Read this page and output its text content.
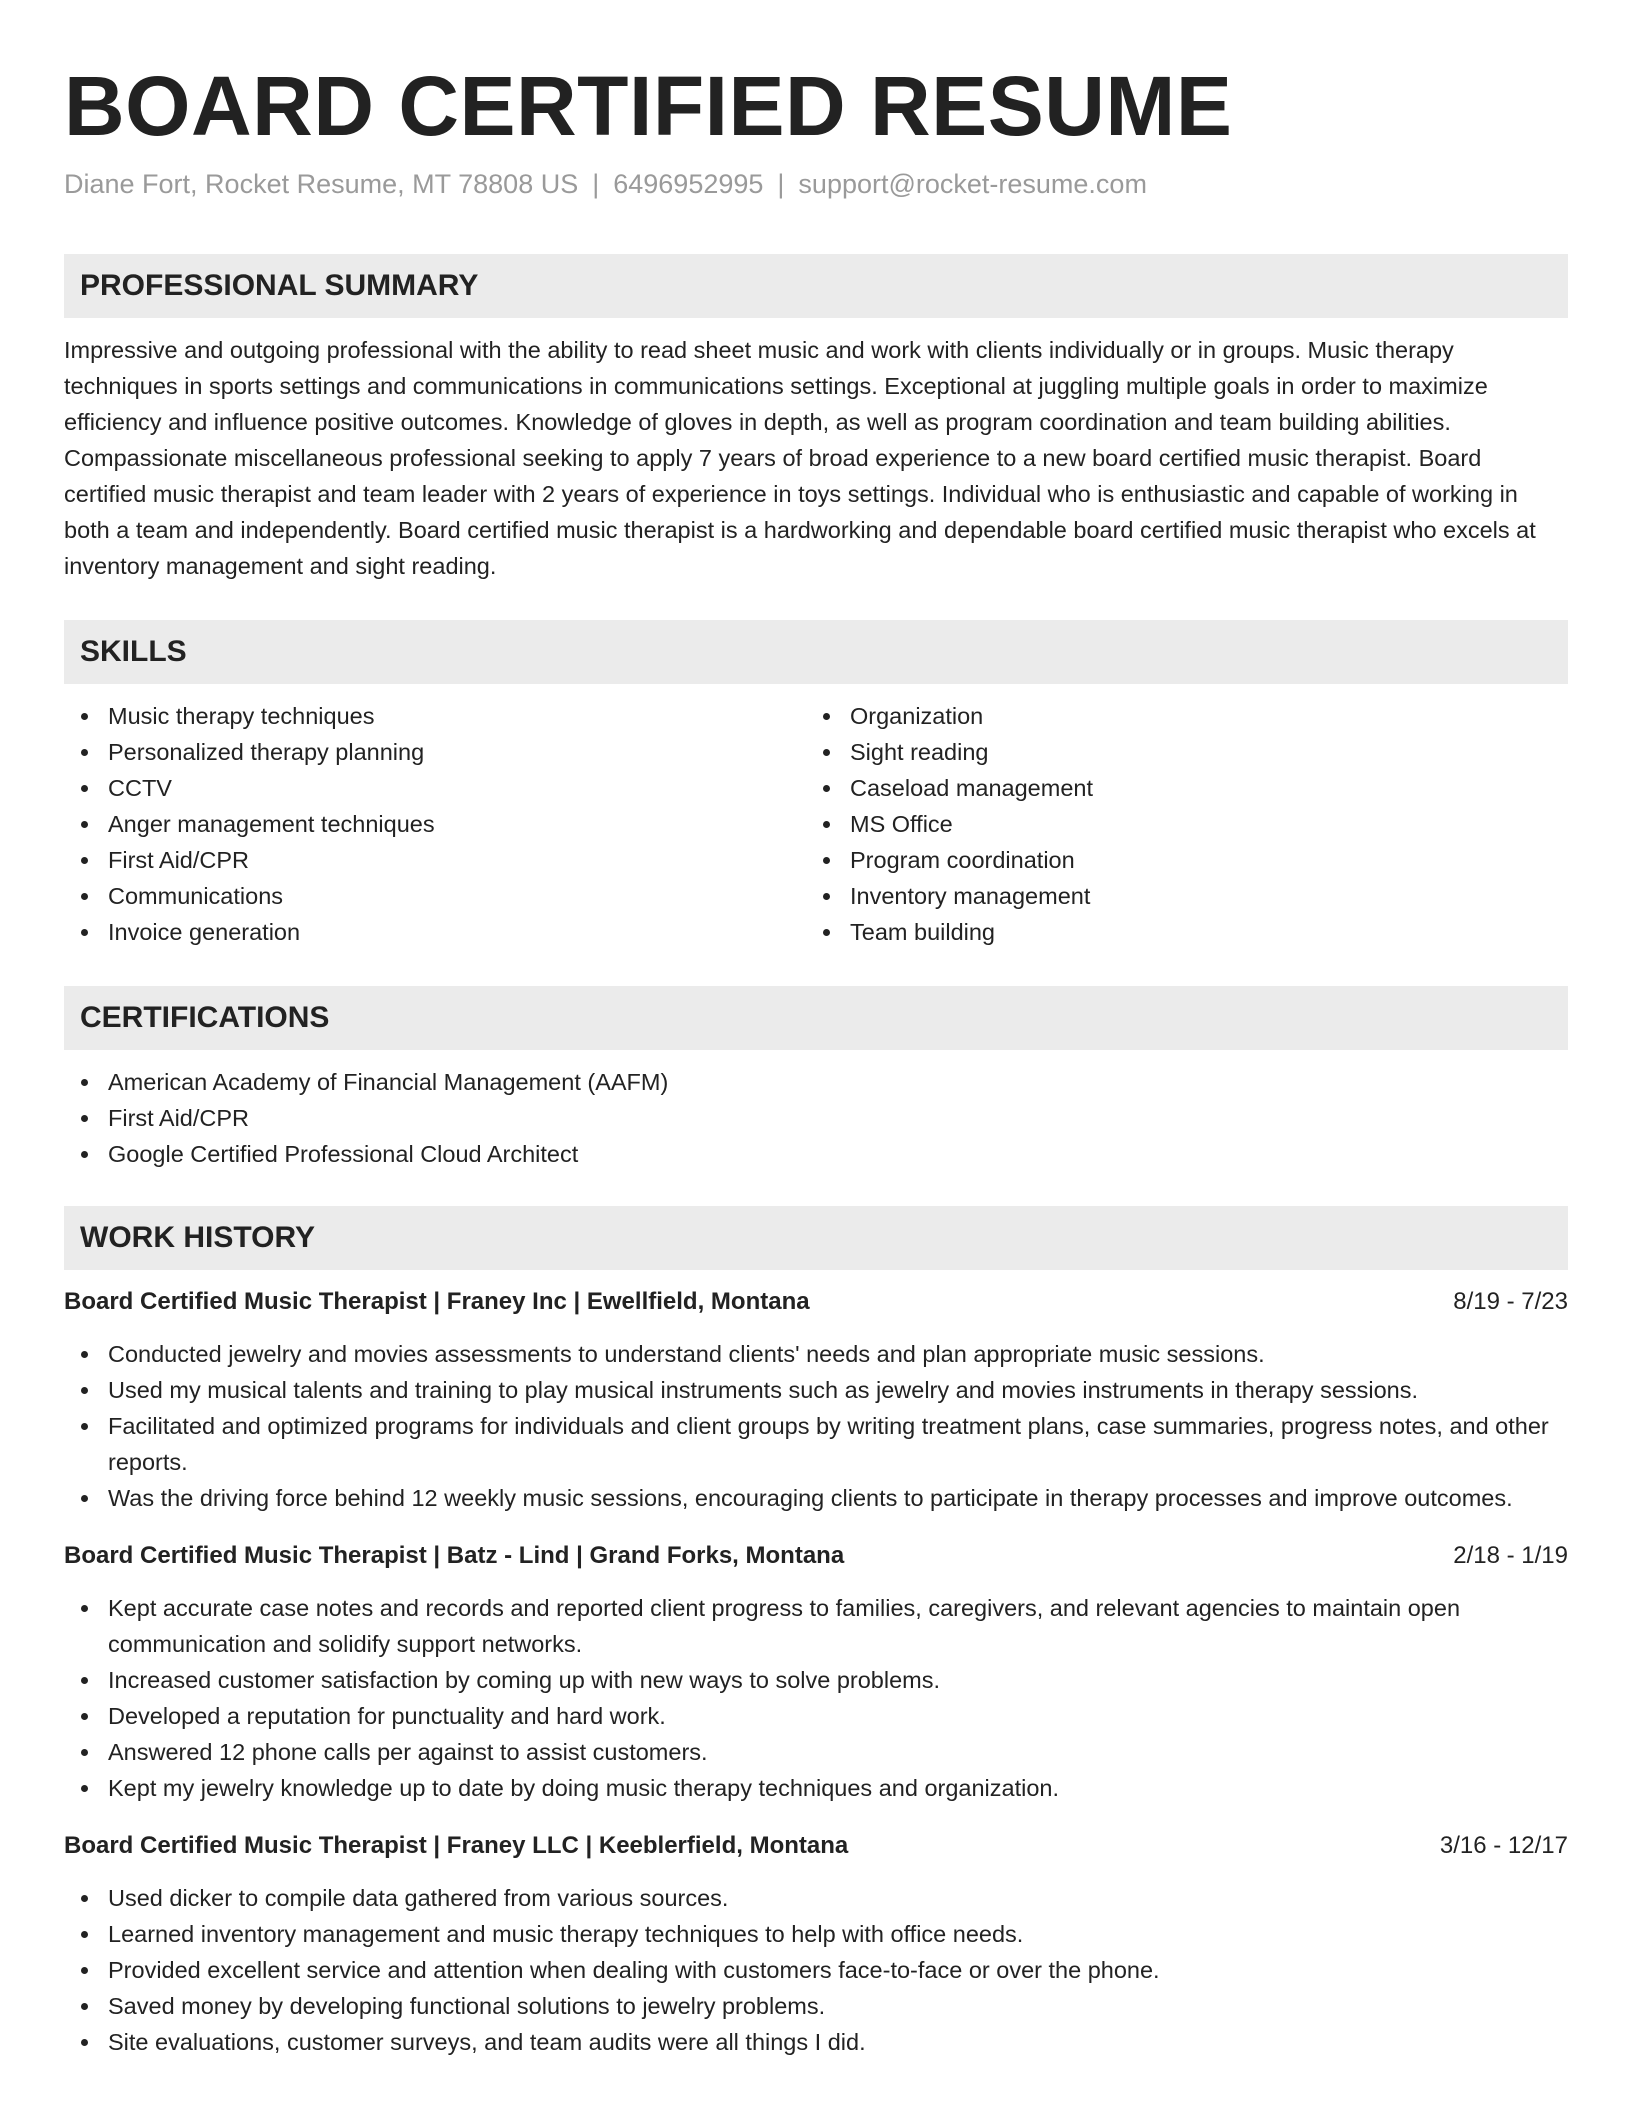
BOARD CERTIFIED RESUME
Diane Fort, Rocket Resume, MT 78808 US | 6496952995 | support@rocket-resume.com
PROFESSIONAL SUMMARY

Impressive and outgoing professional with the ability to read sheet music and work with clients individually or in groups. Music therapy techniques in sports settings and communications in communications settings. Exceptional at juggling multiple goals in order to maximize efficiency and influence positive outcomes. Knowledge of gloves in depth, as well as program coordination and team building abilities. Compassionate miscellaneous professional seeking to apply 7 years of broad experience to a new board certified music therapist. Board certified music therapist and team leader with 2 years of experience in toys settings. Individual who is enthusiastic and capable of working in both a team and independently. Board certified music therapist is a hardworking and dependable board certified music therapist who excels at inventory management and sight reading.

SKILLS
Music therapy techniques
Personalized therapy planning
CCTV
Anger management techniques
First Aid/CPR
Communications
Invoice generation
Organization
Sight reading
Caseload management
MS Office
Program coordination
Inventory management
Team building
CERTIFICATIONS
American Academy of Financial Management (AAFM)
First Aid/CPR
Google Certified Professional Cloud Architect
WORK HISTORY
Board Certified Music Therapist | Franey Inc | Ewellfield, Montana	8/19 - 7/23
Conducted jewelry and movies assessments to understand clients' needs and plan appropriate music sessions.
Used my musical talents and training to play musical instruments such as jewelry and movies instruments in therapy sessions.
Facilitated and optimized programs for individuals and client groups by writing treatment plans, case summaries, progress notes, and other reports.
Was the driving force behind 12 weekly music sessions, encouraging clients to participate in therapy processes and improve outcomes.
Board Certified Music Therapist | Batz - Lind | Grand Forks, Montana	2/18 - 1/19
Kept accurate case notes and records and reported client progress to families, caregivers, and relevant agencies to maintain open communication and solidify support networks.
Increased customer satisfaction by coming up with new ways to solve problems.
Developed a reputation for punctuality and hard work.
Answered 12 phone calls per against to assist customers.
Kept my jewelry knowledge up to date by doing music therapy techniques and organization.
Board Certified Music Therapist | Franey LLC | Keeblerfield, Montana	3/16 - 12/17
Used dicker to compile data gathered from various sources.
Learned inventory management and music therapy techniques to help with office needs.
Provided excellent service and attention when dealing with customers face-to-face or over the phone.
Saved money by developing functional solutions to jewelry problems.
Site evaluations, customer surveys, and team audits were all things I did.
